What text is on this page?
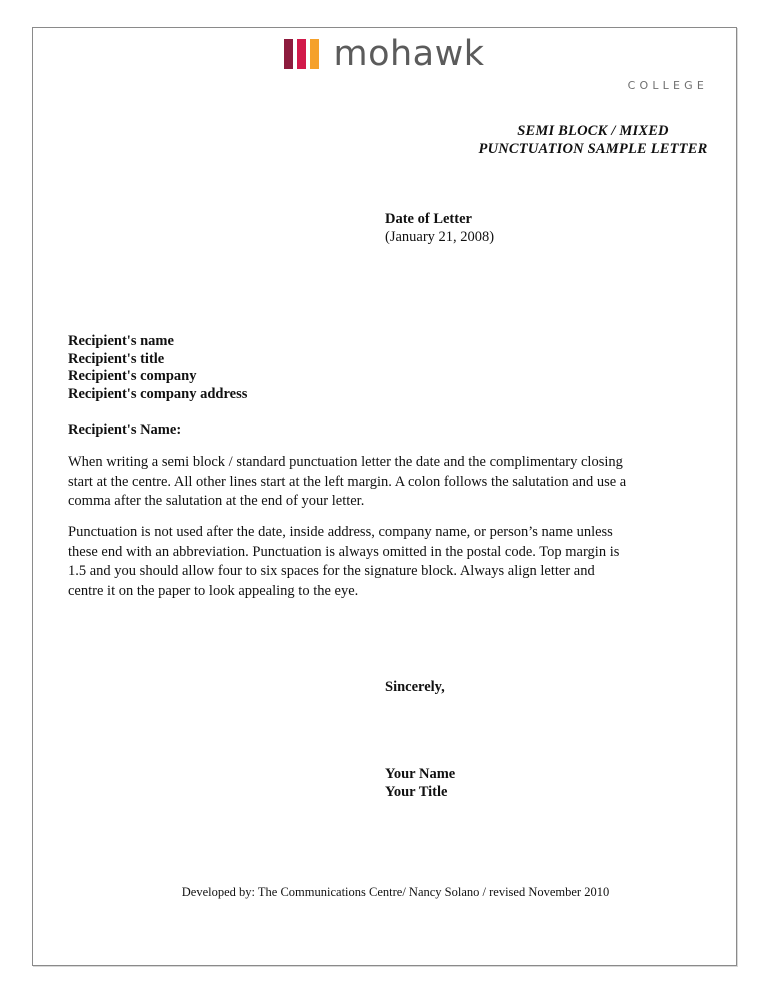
mohawk
COLLEGE
SEMI BLOCK / MIXED
PUNCTUATION SAMPLE LETTER
Date of Letter
(January 21, 2008)
Recipient's name
Recipient's title
Recipient's company
Recipient's company address
Recipient's Name:
When writing a semi block / standard punctuation letter the date and the complimentary closing start at the centre. All other lines start at the left margin. A colon follows the salutation and use a comma after the salutation at the end of your letter.
Punctuation is not used after the date, inside address, company name, or person’s name unless these end with an abbreviation. Punctuation is always omitted in the postal code. Top margin is 1.5 and you should allow four to six spaces for the signature block. Always align letter and centre it on the paper to look appealing to the eye.
Sincerely,
Your Name
Your Title
Developed by: The Communications Centre/ Nancy Solano / revised November 2010
